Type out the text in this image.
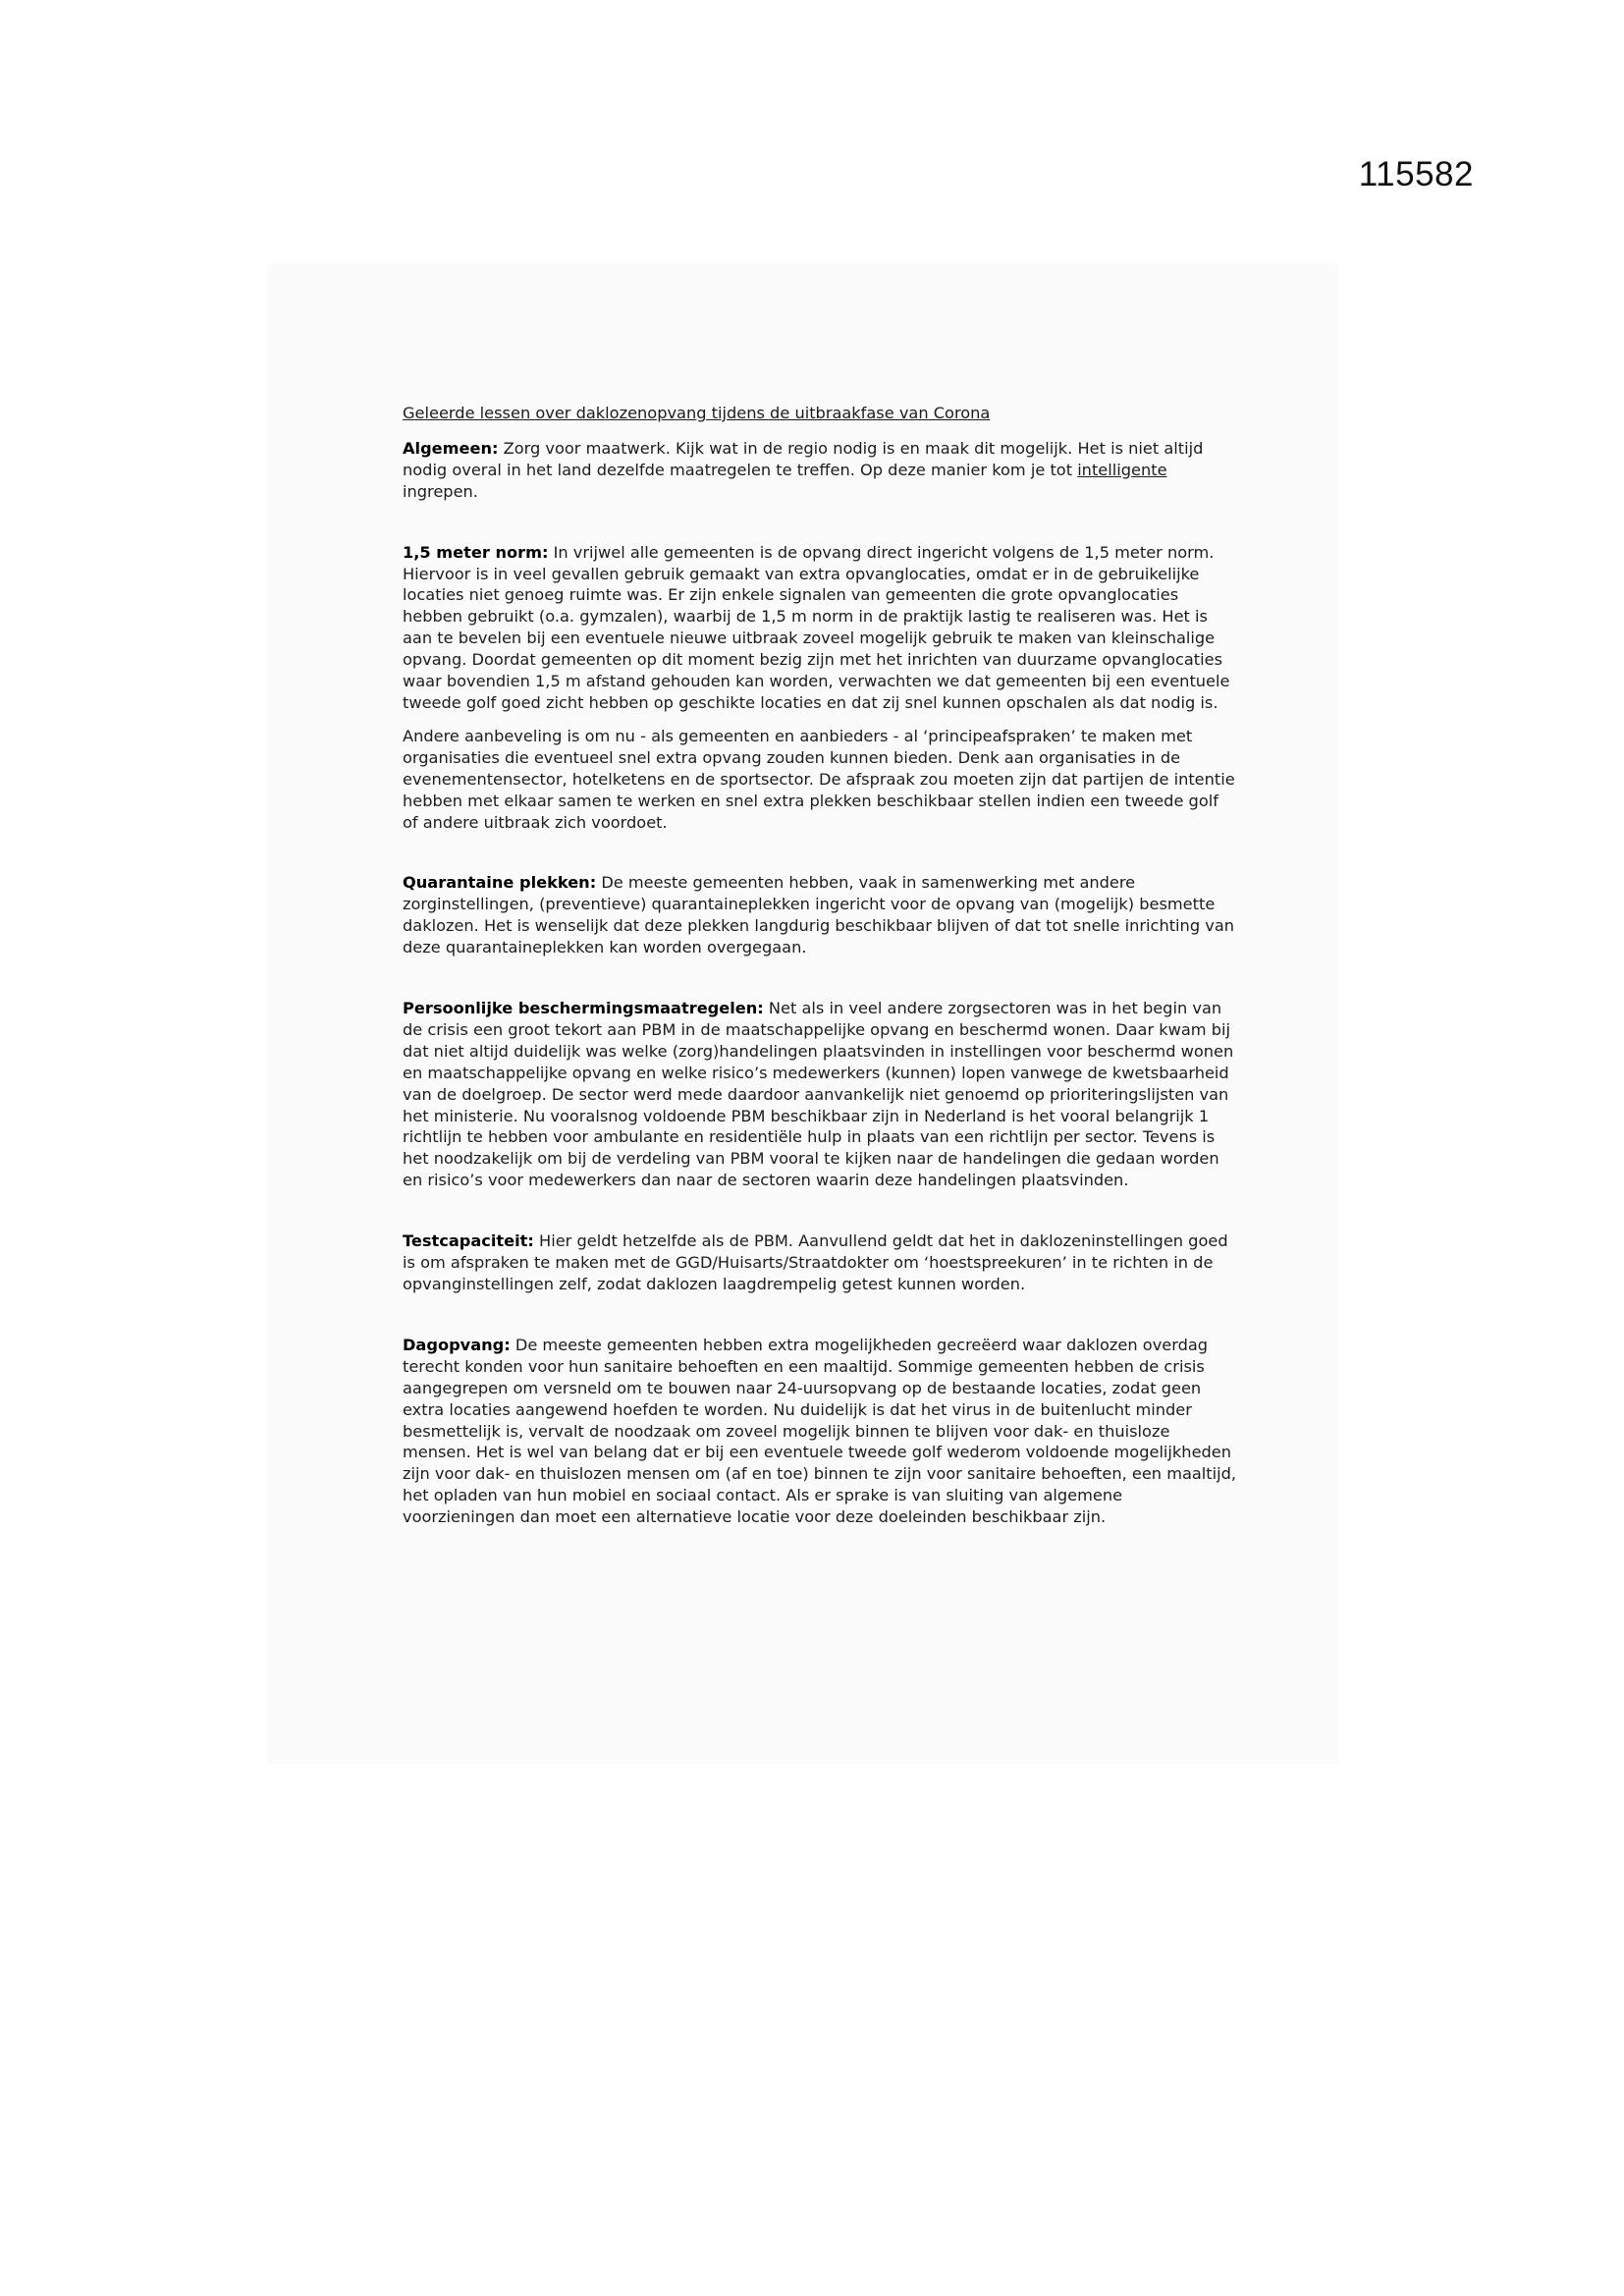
115582

Geleerde lessen over daklozenopvang tijdens de uitbraakfase van Corona

Algemeen: Zorg voor maatwerk. Kijk wat in de regio nodig is en maak dit mogelijk. Het is niet altijd nodig overal in het land dezelfde maatregelen te treffen. Op deze manier kom je tot intelligente ingrepen.

1,5 meter norm: In vrijwel alle gemeenten is de opvang direct ingericht volgens de 1,5 meter norm. Hiervoor is in veel gevallen gebruik gemaakt van extra opvanglocaties, omdat er in de gebruikelijke locaties niet genoeg ruimte was. Er zijn enkele signalen van gemeenten die grote opvanglocaties hebben gebruikt (o.a. gymzalen), waarbij de 1,5 m norm in de praktijk lastig te realiseren was. Het is aan te bevelen bij een eventuele nieuwe uitbraak zoveel mogelijk gebruik te maken van kleinschalige opvang. Doordat gemeenten op dit moment bezig zijn met het inrichten van duurzame opvanglocaties waar bovendien 1,5 m afstand gehouden kan worden, verwachten we dat gemeenten bij een eventuele tweede golf goed zicht hebben op geschikte locaties en dat zij snel kunnen opschalen als dat nodig is.

Andere aanbeveling is om nu - als gemeenten en aanbieders - al ‘principeafspraken’ te maken met organisaties die eventueel snel extra opvang zouden kunnen bieden. Denk aan organisaties in de evenementensector, hotelketens en de sportsector. De afspraak zou moeten zijn dat partijen de intentie hebben met elkaar samen te werken en snel extra plekken beschikbaar stellen indien een tweede golf of andere uitbraak zich voordoet.

Quarantaine plekken: De meeste gemeenten hebben, vaak in samenwerking met andere zorginstellingen, (preventieve) quarantaineplekken ingericht voor de opvang van (mogelijk) besmette daklozen. Het is wenselijk dat deze plekken langdurig beschikbaar blijven of dat tot snelle inrichting van deze quarantaineplekken kan worden overgegaan.

Persoonlijke beschermingsmaatregelen: Net als in veel andere zorgsectoren was in het begin van de crisis een groot tekort aan PBM in de maatschappelijke opvang en beschermd wonen. Daar kwam bij dat niet altijd duidelijk was welke (zorg)handelingen plaatsvinden in instellingen voor beschermd wonen en maatschappelijke opvang en welke risico’s medewerkers (kunnen) lopen vanwege de kwetsbaarheid van de doelgroep. De sector werd mede daardoor aanvankelijk niet genoemd op prioriteringslijsten van het ministerie. Nu vooralsnog voldoende PBM beschikbaar zijn in Nederland is het vooral belangrijk 1 richtlijn te hebben voor ambulante en residentiële hulp in plaats van een richtlijn per sector. Tevens is het noodzakelijk om bij de verdeling van PBM vooral te kijken naar de handelingen die gedaan worden en risico’s voor medewerkers dan naar de sectoren waarin deze handelingen plaatsvinden.

Testcapaciteit: Hier geldt hetzelfde als de PBM. Aanvullend geldt dat het in daklozeninstellingen goed is om afspraken te maken met de GGD/Huisarts/Straatdokter om ‘hoestspreekuren’ in te richten in de opvanginstellingen zelf, zodat daklozen laagdrempelig getest kunnen worden.

Dagopvang: De meeste gemeenten hebben extra mogelijkheden gecreëerd waar daklozen overdag terecht konden voor hun sanitaire behoeften en een maaltijd. Sommige gemeenten hebben de crisis aangegrepen om versneld om te bouwen naar 24-uursopvang op de bestaande locaties, zodat geen extra locaties aangewend hoefden te worden. Nu duidelijk is dat het virus in de buitenlucht minder besmettelijk is, vervalt de noodzaak om zoveel mogelijk binnen te blijven voor dak- en thuisloze mensen. Het is wel van belang dat er bij een eventuele tweede golf wederom voldoende mogelijkheden zijn voor dak- en thuislozen mensen om (af en toe) binnen te zijn voor sanitaire behoeften, een maaltijd, het opladen van hun mobiel en sociaal contact. Als er sprake is van sluiting van algemene voorzieningen dan moet een alternatieve locatie voor deze doeleinden beschikbaar zijn.
